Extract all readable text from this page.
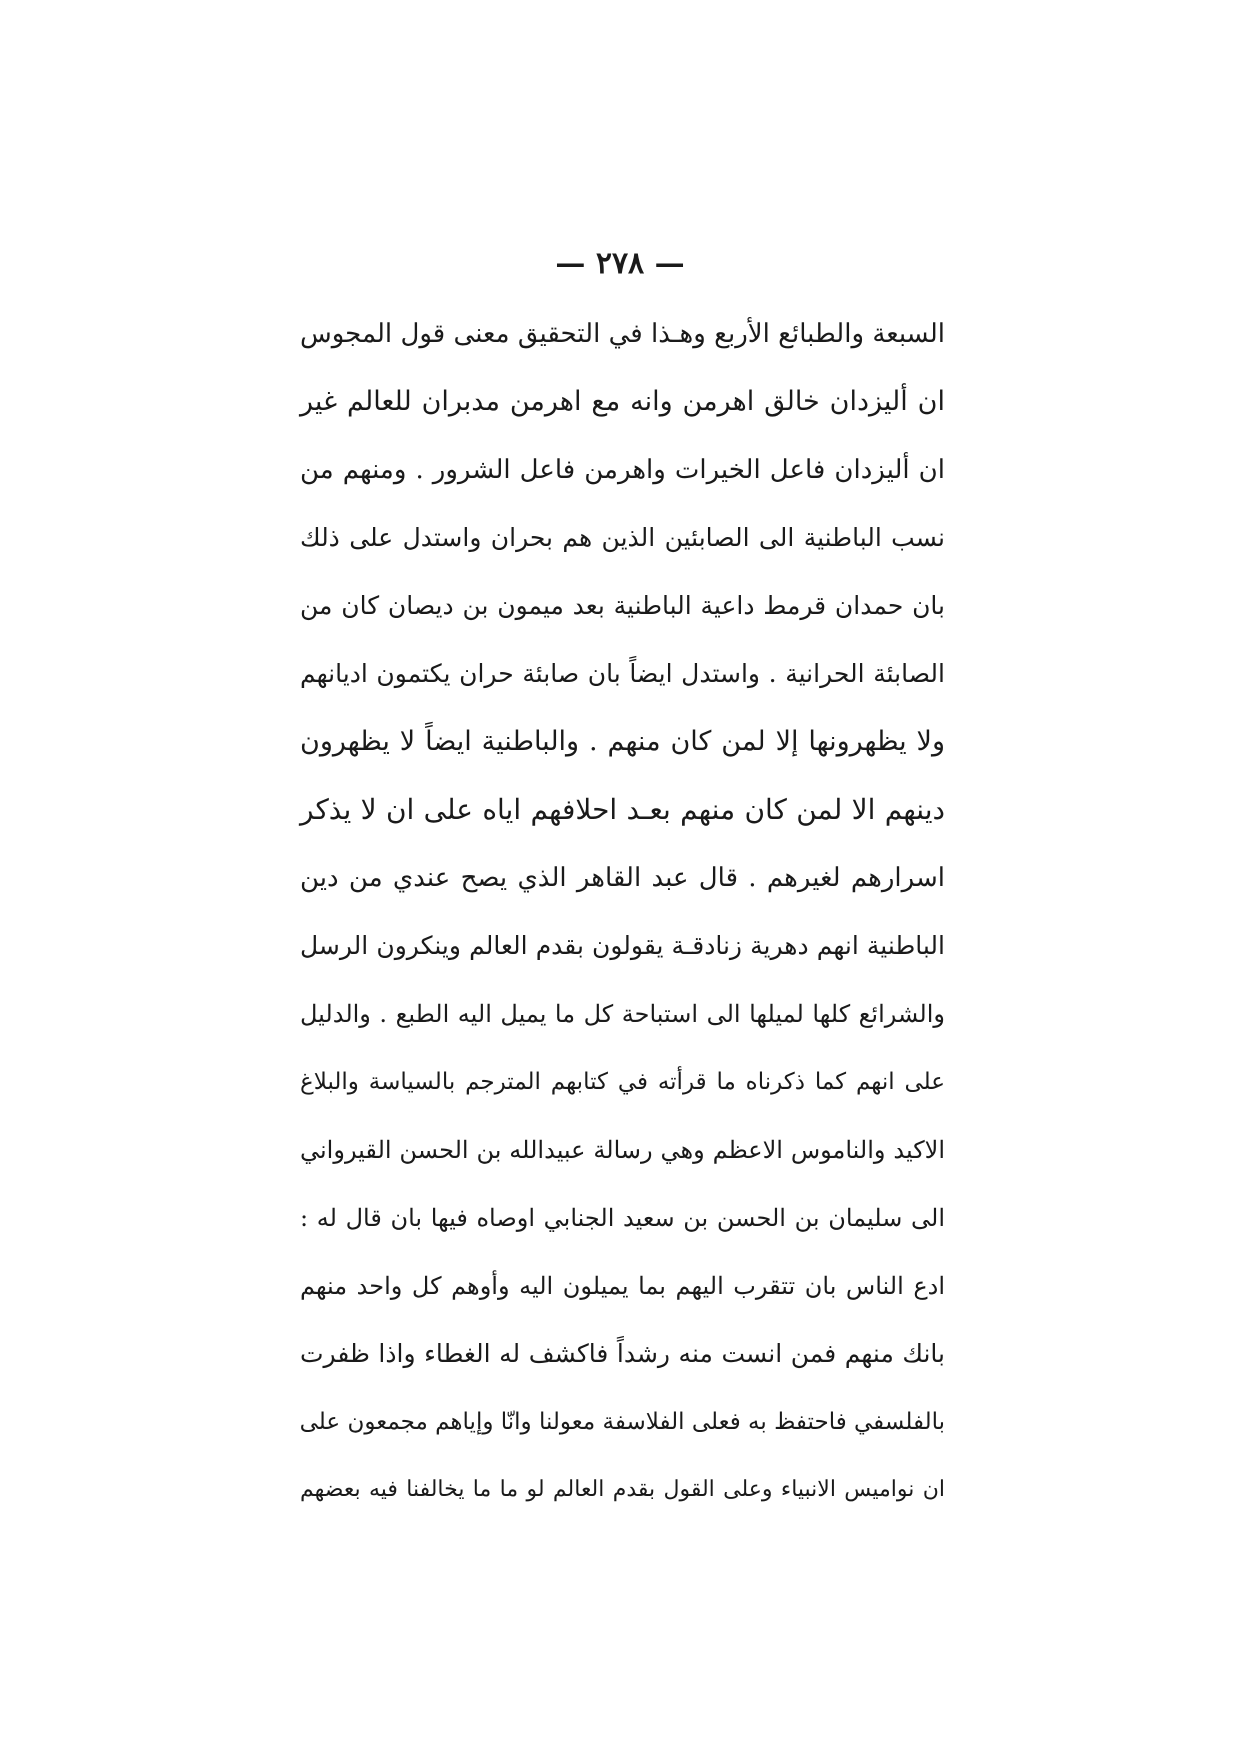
— ٢٧٨ —
السبعة والطبائع الأربع وهـذا في التحقيق معنى قول المجوس
ان أليزدان خالق اهرمن وانه مع اهرمن مدبران للعالم غير
ان أليزدان فاعل الخيرات واهرمن فاعل الشرور . ومنهم من
نسب الباطنية الى الصابئين الذين هم بحران واستدل على ذلك
بان حمدان قرمط داعية الباطنية بعد ميمون بن ديصان كان من
الصابئة الحرانية . واستدل ايضاً بان صابئة حران يكتمون اديانهم
ولا يظهرونها إلا لمن كان منهم . والباطنية ايضاً لا يظهرون
دينهم الا لمن كان منهم بعـد احلافهم اياه على ان لا يذكر
اسرارهم لغيرهم . قال عبد القاهر الذي يصح عندي من دين
الباطنية انهم دهرية زنادقـة يقولون بقدم العالم وينكرون الرسل
والشرائع كلها لميلها الى استباحة كل ما يميل اليه الطبع . والدليل
على انهم كما ذكرناه ما قرأته في كتابهم المترجم بالسياسة والبلاغ
الاكيد والناموس الاعظم وهي رسالة عبيدالله بن الحسن القيرواني
الى سليمان بن الحسن بن سعيد الجنابي اوصاه فيها بان قال له :
ادع الناس بان تتقرب اليهم بما يميلون اليه وأوهم كل واحد منهم
بانك منهم فمن انست منه رشداً فاكشف له الغطاء واذا ظفرت
بالفلسفي فاحتفظ به فعلى الفلاسفة معولنا وانّا وإياهم مجمعون على
ان نواميس الانبياء وعلى القول بقدم العالم لو ما ما يخالفنا فيه بعضهم
